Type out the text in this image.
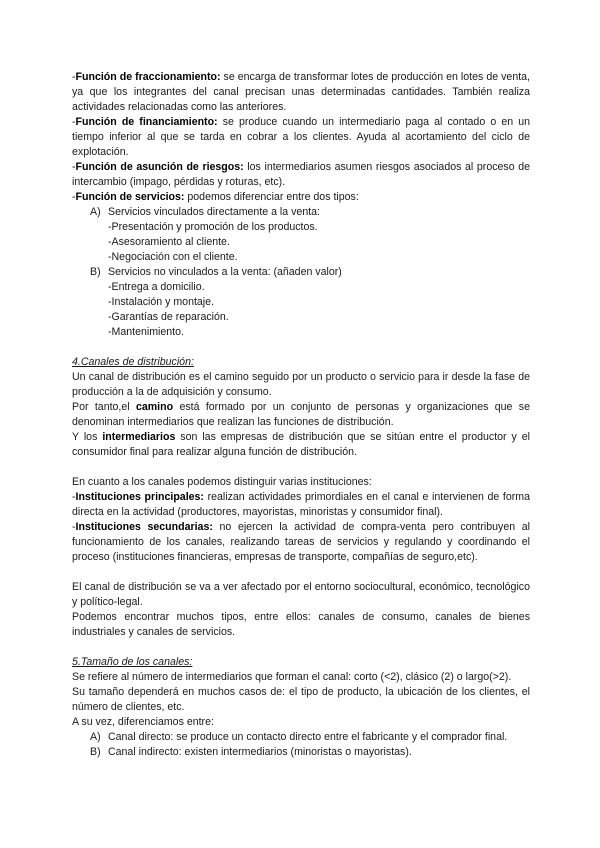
-Función de fraccionamiento: se encarga de transformar lotes de producción en lotes de venta, ya que los integrantes del canal precisan unas determinadas cantidades. También realiza actividades relacionadas como las anteriores.

-Función de financiamiento: se produce cuando un intermediario paga al contado o en un tiempo inferior al que se tarda en cobrar a los clientes. Ayuda al acortamiento del ciclo de explotación.

-Función de asunción de riesgos: los intermediarios asumen riesgos asociados al proceso de intercambio (impago, pérdidas y roturas, etc).

-Función de servicios: podemos diferenciar entre dos tipos:

A) Servicios vinculados directamente a la venta:

-Presentación y promoción de los productos.

-Asesoramiento al cliente.

-Negociación con el cliente.

B) Servicios no vinculados a la venta: (añaden valor)

-Entrega a domicilio.

-Instalación y montaje.

-Garantías de reparación.

-Mantenimiento.

4.Canales de distribución:

Un canal de distribución es el camino seguido por un producto o servicio para ir desde la fase de producción a la de adquisición y consumo.

Por tanto,el camino está formado por un conjunto de personas y organizaciones que se denominan intermediarios que realizan las funciones de distribución.

Y los intermediarios son las empresas de distribución que se sitúan entre el productor y el consumidor final para realizar alguna función de distribución.

En cuanto a los canales podemos distinguir varias instituciones:

-Instituciones principales: realizan actividades primordiales en el canal e intervienen de forma directa en la actividad (productores, mayoristas, minoristas y consumidor final).

-Instituciones secundarias: no ejercen la actividad de compra-venta pero contribuyen al funcionamiento de los canales, realizando tareas de servicios y regulando y coordinando el proceso (instituciones financieras, empresas de transporte, compañías de seguro,etc).

El canal de distribución se va a ver afectado por el entorno sociocultural, económico, tecnológico y político-legal.

Podemos encontrar muchos tipos, entre ellos: canales de consumo, canales de bienes industriales y canales de servicios.

5.Tamaño de los canales:

Se refiere al número de intermediarios que forman el canal: corto (<2), clásico (2) o largo(>2).

Su tamaño dependerá en muchos casos de: el tipo de producto, la ubicación de los clientes, el número de clientes, etc.

A su vez, diferenciamos entre:

A) Canal directo: se produce un contacto directo entre el fabricante y el comprador final.

B) Canal indirecto: existen intermediarios (minoristas o mayoristas).
